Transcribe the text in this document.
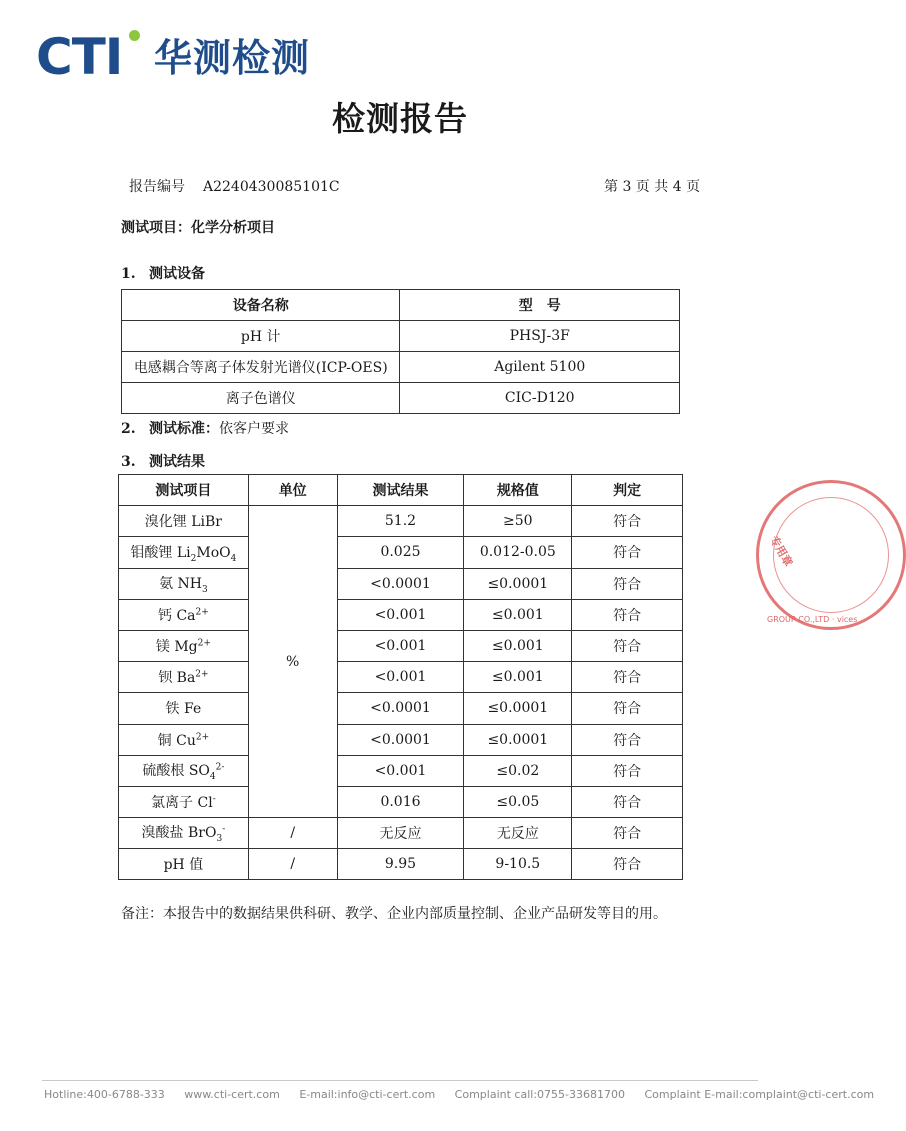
CTI 华测检测
检测报告
报告编号 A2240430085101C	第 3 页 共 4 页
测试项目：化学分析项目
1. 测试设备
设备名称	型号
pH 计	PHSJ-3F
电感耦合等离子体发射光谱仪(ICP-OES)	Agilent 5100
离子色谱仪	CIC-D120
2. 测试标准：依客户要求
3. 测试结果
测试项目	单位	测试结果	规格值	判定
溴化锂 LiBr	%	51.2	≥50	符合
钼酸锂 $Li_2MoO_4$		0.025	0.012-0.05	符合
氨 $NH_3$		<0.0001	≤0.0001	符合
钙 $Ca^{2+}$		<0.001	≤0.001	符合
镁 $Mg^{2+}$		<0.001	≤0.001	符合
钡 $Ba^{2+}$		<0.001	≤0.001	符合
铁 Fe		<0.0001	≤0.0001	符合
铜 $Cu^{2+}$		<0.0001	≤0.0001	符合
硫酸根 $SO_4^{2-}$		<0.001	≤0.02	符合
氯离子 Cl-		0.016	≤0.05	符合
溴酸盐 BrO$_3$-	/	无反应	无反应	符合
pH 值	/	9.95	9-10.5	符合
备注：本报告中的数据结果供科研、教学、企业内部质量控制、企业产品研发等目的用。
专用章
GROUP CO.,LTD · vices
Hotline:400-6788-333 www.cti-cert.com E-mail:info@cti-cert.com Complaint call:0755-33681700 Complaint E-mail:complaint@cti-cert.com
